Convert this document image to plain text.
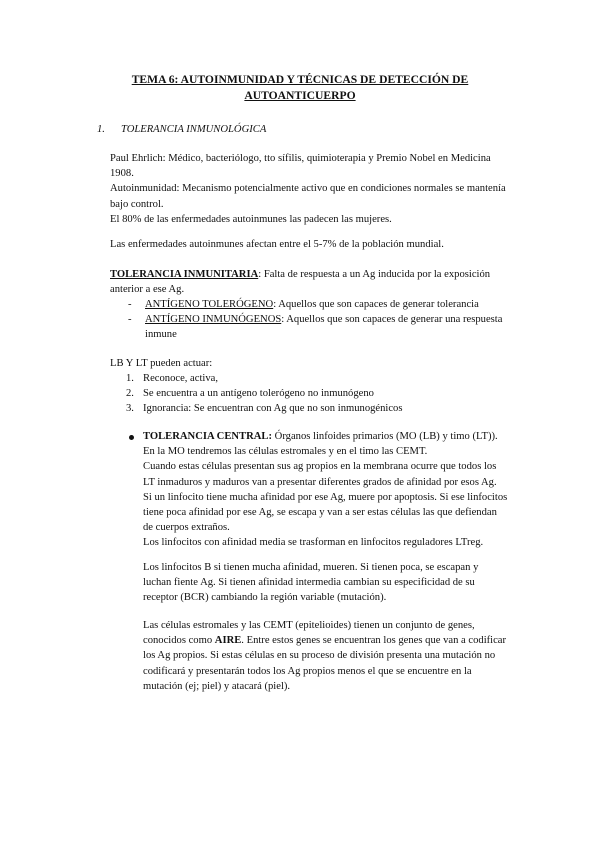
TEMA 6: AUTOINMUNIDAD Y TÉCNICAS DE DETECCIÓN DE
AUTOANTICUERPO
1. TOLERANCIA INMUNOLÓGICA

Paul Ehrlich: Médico, bacteriólogo, tto sífilis, quimioterapia y Premio Nobel en Medicina

1908.

Autoinmunidad: Mecanismo potencialmente activo que en condiciones normales se mantenía

bajo control.

El 80% de las enfermedades autoinmunes las padecen las mujeres.

Las enfermedades autoinmunes afectan entre el 5-7% de la población mundial.

TOLERANCIA INMUNITARIA: Falta de respuesta a un Ag inducida por la exposición

anterior a ese Ag.

- ANTÍGENO TOLERÓGENO: Aquellos que son capaces de generar tolerancia
- ANTÍGENO INMUNÓGENOS: Aquellos que son capaces de generar una respuesta
inmune
LB Y LT pueden actuar:
1. Reconoce, activa,
2. Se encuentra a un antígeno tolerógeno no inmunógeno
3. Ignorancia: Se encuentran con Ag que no son inmunogénicos

TOLERANCIA CENTRAL: Órganos linfoides primarios (MO (LB) y timo (LT)).

En la MO tendremos las células estromales y en el timo las CEMT.

Cuando estas células presentan sus ag propios en la membrana ocurre que todos los

LT inmaduros y maduros van a presentar diferentes grados de afinidad por esos Ag.

Si un linfocito tiene mucha afinidad por ese Ag, muere por apoptosis. Si ese linfocitos

tiene poca afinidad por ese Ag, se escapa y van a ser estas células las que defiendan

de cuerpos extraños.

Los linfocitos con afinidad media se trasforman en linfocitos reguladores LTreg.

Los linfocitos B si tienen mucha afinidad, mueren. Si tienen poca, se escapan y

luchan fiente Ag. Si tienen afinidad intermedia cambian su especificidad de su

receptor (BCR) cambiando la región variable (mutación).

Las células estromales y las CEMT (epitelioides) tienen un conjunto de genes,

conocidos como AIRE. Entre estos genes se encuentran los genes que van a codificar

los Ag propios. Si estas células en su proceso de división presenta una mutación no

codificará y presentarán todos los Ag propios menos el que se encuentre en la

mutación (ej; piel) y atacará (piel).
